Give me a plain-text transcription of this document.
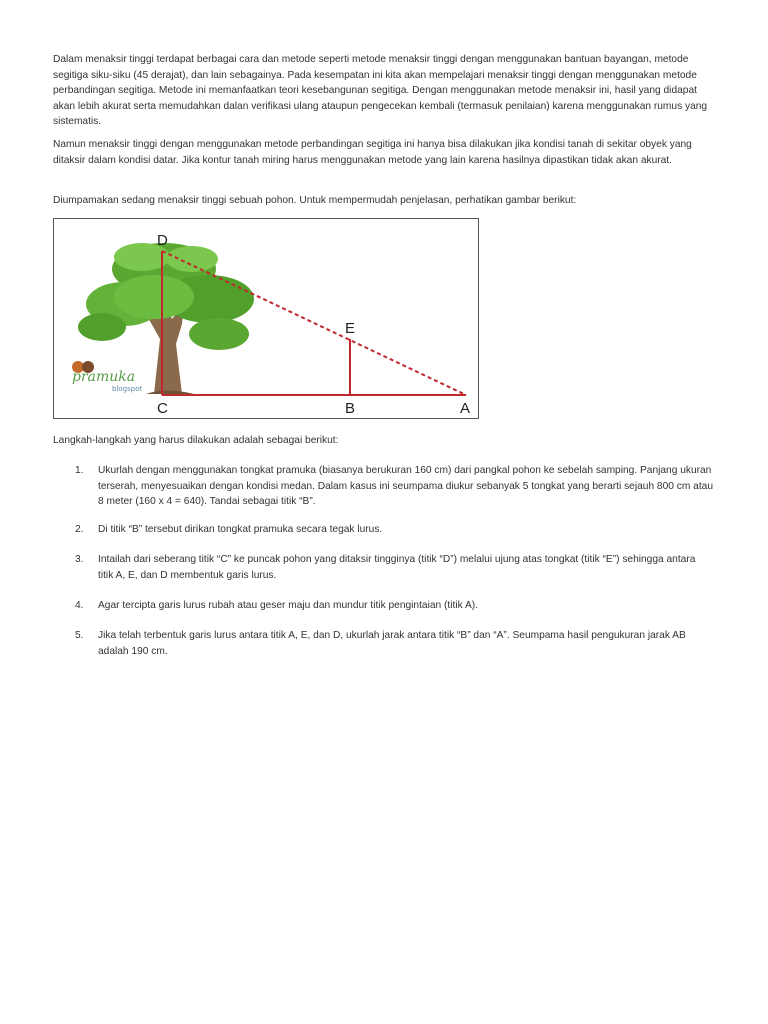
Dalam menaksir tinggi terdapat berbagai cara dan metode seperti metode menaksir tinggi dengan menggunakan bantuan bayangan, metode segitiga siku-siku (45 derajat), dan lain sebagainya. Pada kesempatan ini kita akan mempelajari menaksir tinggi dengan menggunakan metode perbandingan segitiga. Metode ini memanfaatkan teori kesebangunan segitiga. Dengan menggunakan metode menaksir ini, hasil yang didapat akan lebih akurat serta memudahkan dalan verifikasi ulang ataupun pengecekan kembali (termasuk penilaian) karena menggunakan rumus yang sistematis.

Namun menaksir tinggi dengan menggunakan metode perbandingan segitiga ini hanya bisa dilakukan jika kondisi tanah di sekitar obyek yang ditaksir dalam kondisi datar. Jika kontur tanah miring harus menggunakan metode yang lain karena hasilnya dipastikan tidak akan akurat.

Diumpamakan sedang menaksir tinggi sebuah pohon. Untuk mempermudah penjelasan, perhatikan gambar berikut:

pramuka
blogspot
D
E
C	B	A

Langkah-langkah yang harus dilakukan adalah sebagai berikut:

1. Ukurlah dengan menggunakan tongkat pramuka (biasanya berukuran 160 cm) dari pangkal pohon ke sebelah samping. Panjang ukuran terserah, menyesuaikan dengan kondisi medan. Dalam kasus ini seumpama diukur sebanyak 5 tongkat yang berarti sejauh 800 cm atau 8 meter (160 x 4 = 640). Tandai sebagai titik “B”.
2. Di titik “B” tersebut dirikan tongkat pramuka secara tegak lurus.
3. Intailah dari seberang titik “C” ke puncak pohon yang ditaksir tingginya (titik “D”) melalui ujung atas tongkat (titik “E”) sehingga antara titik A, E, dan D membentuk garis lurus.
4. Agar tercipta garis lurus rubah atau geser maju dan mundur titik pengintaian (titik A).
5. Jika telah terbentuk garis lurus antara titik A, E, dan D, ukurlah jarak antara titik “B” dan “A”. Seumpama hasil pengukuran jarak AB adalah 190 cm.
